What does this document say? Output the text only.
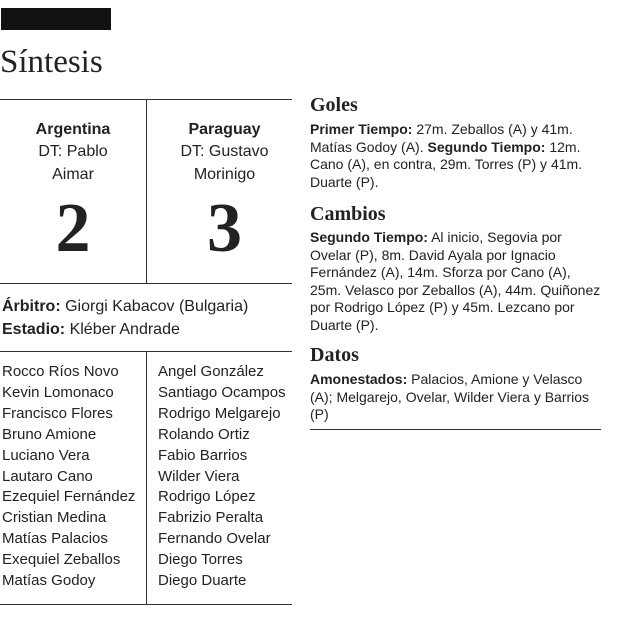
Síntesis
Argentina
DT: Pablo
Aimar
2
Paraguay
DT: Gustavo
Morinigo
3
Árbitro: Giorgi Kabacov (Bulgaria)
Estadio: Kléber Andrade
Rocco Ríos Novo
Kevin Lomonaco
Francisco Flores
Bruno Amione
Luciano Vera
Lautaro Cano
Ezequiel Fernández
Cristian Medina
Matías Palacios
Exequiel Zeballos
Matías Godoy
Angel González
Santiago Ocampos
Rodrigo Melgarejo
Rolando Ortiz
Fabio Barrios
Wilder Viera
Rodrigo López
Fabrizio Peralta
Fernando Ovelar
Diego Torres
Diego Duarte
Goles
Primer Tiempo: 27m. Zeballos (A) y 41m. Matías Godoy (A). Segundo Tiempo: 12m. Cano (A), en contra, 29m. Torres (P) y 41m. Duarte (P).
Cambios
Segundo Tiempo: Al inicio, Segovia por Ovelar (P), 8m. David Ayala por Ignacio Fernández (A), 14m. Sforza por Cano (A), 25m. Velasco por Zeballos (A), 44m. Quiñonez por Rodrigo López (P) y 45m. Lezcano por Duarte (P).
Datos
Amonestados: Palacios, Amione y Velasco (A); Melgarejo, Ovelar, Wilder Viera y Barrios (P)
